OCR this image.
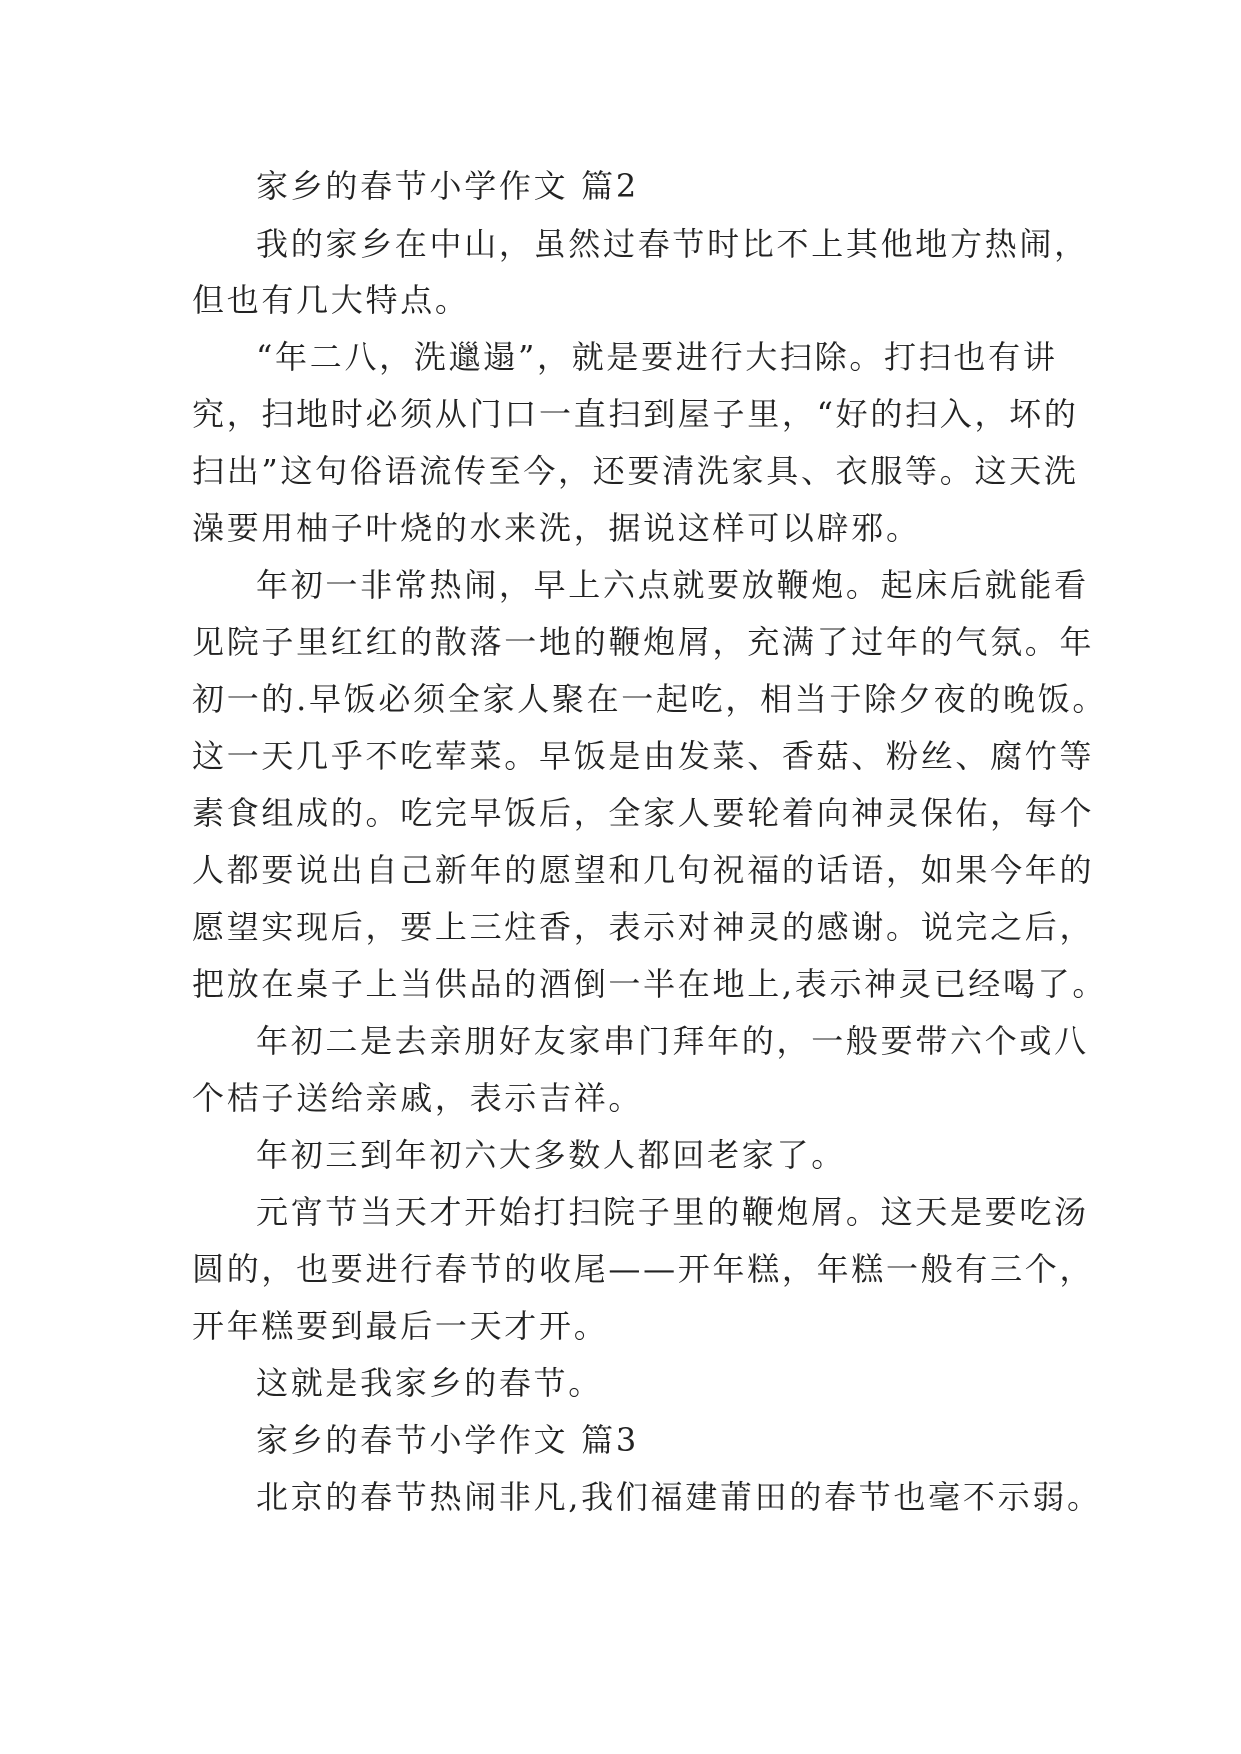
家乡的春节小学作文 篇2
我的家乡在中山，虽然过春节时比不上其他地方热闹，
但也有几大特点。
“年二八，洗邋遢”，就是要进行大扫除。打扫也有讲
究，扫地时必须从门口一直扫到屋子里，“好的扫入，坏的
扫出”这句俗语流传至今，还要清洗家具、衣服等。这天洗
澡要用柚子叶烧的水来洗，据说这样可以辟邪。
年初一非常热闹，早上六点就要放鞭炮。起床后就能看
见院子里红红的散落一地的鞭炮屑，充满了过年的气氛。年
初一的.早饭必须全家人聚在一起吃，相当于除夕夜的晚饭。
这一天几乎不吃荤菜。早饭是由发菜、香菇、粉丝、腐竹等
素食组成的。吃完早饭后，全家人要轮着向神灵保佑，每个
人都要说出自己新年的愿望和几句祝福的话语，如果今年的
愿望实现后，要上三炷香，表示对神灵的感谢。说完之后，
把放在桌子上当供品的酒倒一半在地上,表示神灵已经喝了。
年初二是去亲朋好友家串门拜年的，一般要带六个或八
个桔子送给亲戚，表示吉祥。
年初三到年初六大多数人都回老家了。
元宵节当天才开始打扫院子里的鞭炮屑。这天是要吃汤
圆的，也要进行春节的收尾——开年糕，年糕一般有三个，
开年糕要到最后一天才开。
这就是我家乡的春节。
家乡的春节小学作文 篇3
北京的春节热闹非凡,我们福建莆田的春节也毫不示弱。
